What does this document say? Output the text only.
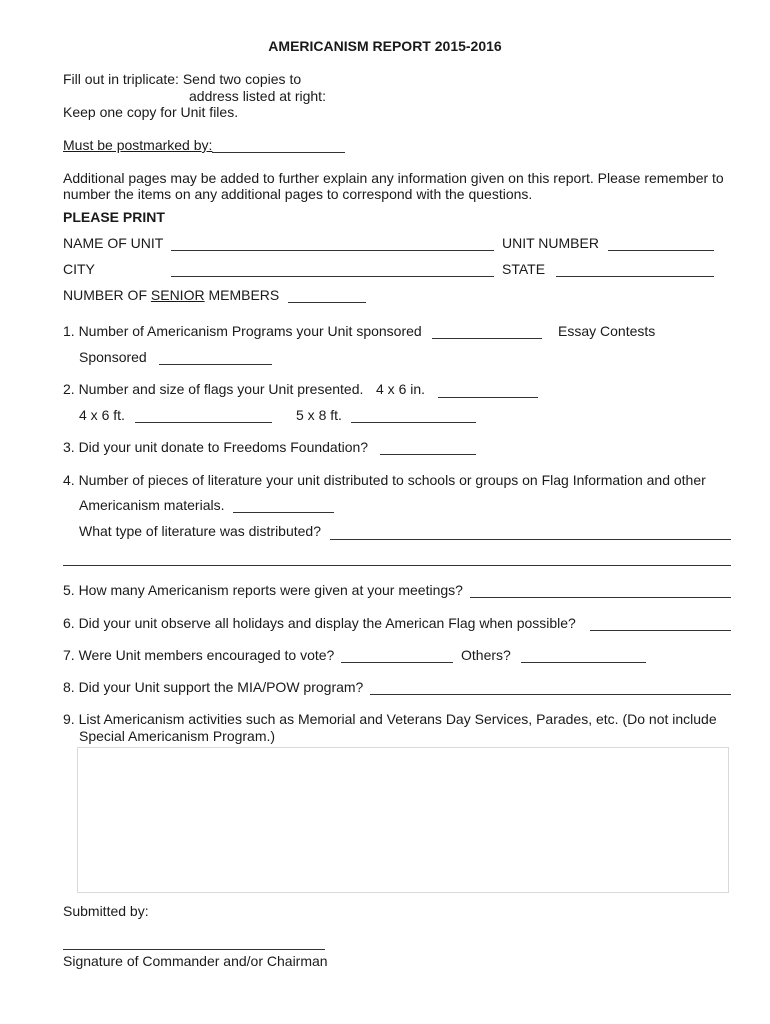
AMERICANISM REPORT 2015-2016
Fill out in triplicate: Send two copies to
address listed at right:
Keep one copy for Unit files.
Must be postmarked by:
Additional pages may be added to further explain any information given on this report. Please remember to
number the items on any additional pages to correspond with the questions.
PLEASE PRINT
NAME OF UNIT	UNIT NUMBER
CITY	STATE
NUMBER OF SENIOR MEMBERS
1. Number of Americanism Programs your Unit sponsored	Essay Contests
Sponsored
2. Number and size of flags your Unit presented. 4 x 6 in.
4 x 6 ft.	5 x 8 ft.
3. Did your unit donate to Freedoms Foundation?
4. Number of pieces of literature your unit distributed to schools or groups on Flag Information and other
Americanism materials.
What type of literature was distributed?
5. How many Americanism reports were given at your meetings?
6. Did your unit observe all holidays and display the American Flag when possible?
7. Were Unit members encouraged to vote?	Others?
8. Did your Unit support the MIA/POW program?
9. List Americanism activities such as Memorial and Veterans Day Services, Parades, etc. (Do not include
Special Americanism Program.)
Submitted by:
Signature of Commander and/or Chairman
